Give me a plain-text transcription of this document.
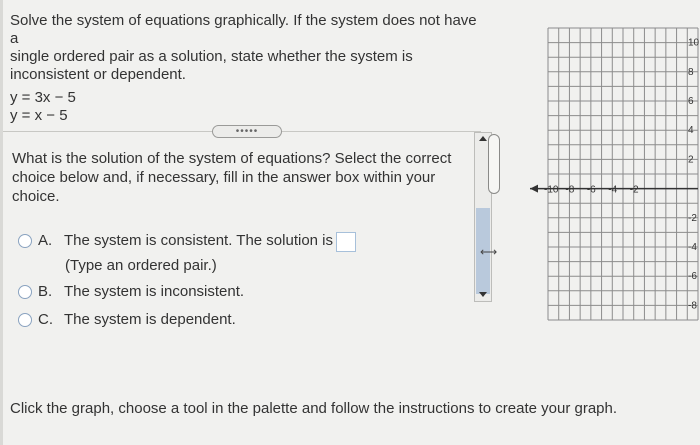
Solve the system of equations graphically. If the system does not have a
single ordered pair as a solution, state whether the system is
inconsistent or dependent.
y = 3x − 5
y = x − 5
•••••
What is the solution of the system of equations? Select the correct
choice below and, if necessary, fill in the answer box within your
choice.
A. The system is consistent. The solution is
(Type an ordered pair.)
B. The system is inconsistent.
C. The system is dependent.
⟷
10
8
6
4
2
-2
-4
-6
-8
-10 -8 -6 -4 -2
Click the graph, choose a tool in the palette and follow the instructions to create your graph.
